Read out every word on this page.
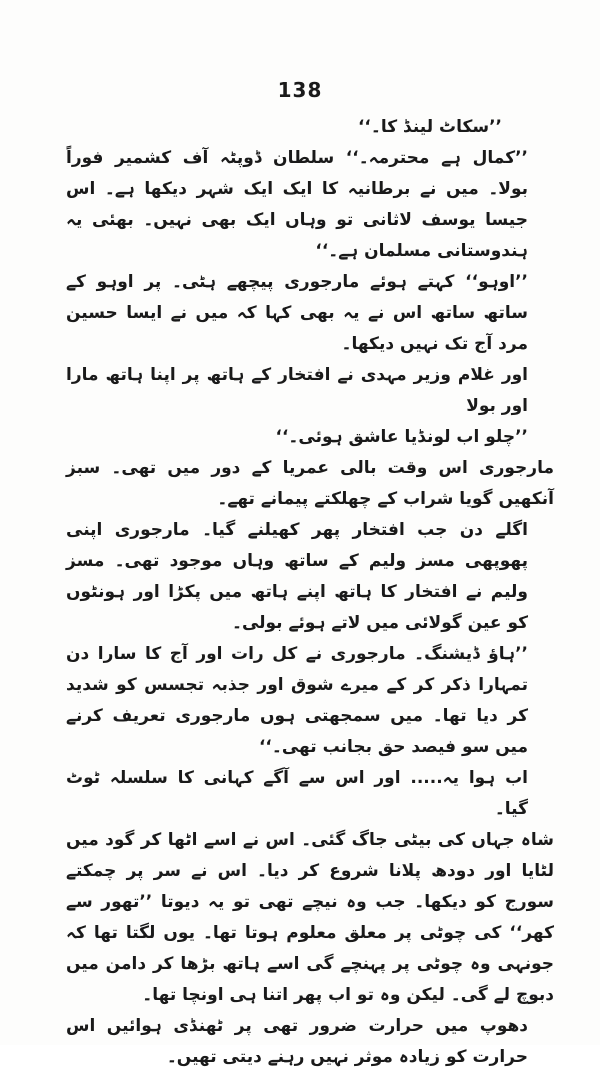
138

’’سکاٹ لینڈ کا۔‘‘

’’کمال ہے محترمہ۔‘‘ سلطان ڈوپٹہ آف کشمیر فوراً بولا۔ میں نے برطانیہ کا ایک ایک شہر دیکھا ہے۔ اس جیسا یوسف لاثانی تو وہاں ایک بھی نہیں۔ بھئی یہ ہندوستانی مسلمان ہے۔‘‘

’’اوہو‘‘ کہتے ہوئے مارجوری پیچھے ہٹی۔ پر اوہو کے ساتھ ساتھ اس نے یہ بھی کہا کہ میں نے ایسا حسین مرد آج تک نہیں دیکھا۔

اور غلام وزیر مہدی نے افتخار کے ہاتھ پر اپنا ہاتھ مارا اور بولا

’’چلو اب لونڈیا عاشق ہوئی۔‘‘

مارجوری اس وقت بالی عمریا کے دور میں تھی۔ سبز آنکھیں گویا شراب کے چھلکتے پیمانے تھے۔

اگلے دن جب افتخار پھر کھیلنے گیا۔ مارجوری اپنی پھوپھی مسز ولیم کے ساتھ وہاں موجود تھی۔ مسز ولیم نے افتخار کا ہاتھ اپنے ہاتھ میں پکڑا اور ہونٹوں کو عین گولائی میں لاتے ہوئے بولی۔

’’ہاؤ ڈیشنگ۔ مارجوری نے کل رات اور آج کا سارا دن تمہارا ذکر کر کے میرے شوق اور جذبہ تجسس کو شدید کر دیا تھا۔ میں سمجھتی ہوں مارجوری تعریف کرنے میں سو فیصد حق بجانب تھی۔‘‘

اب ہوا یہ..... اور اس سے آگے کہانی کا سلسلہ ٹوٹ گیا۔

شاہ جہاں کی بیٹی جاگ گئی۔ اس نے اسے اٹھا کر گود میں لٹایا اور دودھ پلانا شروع کر دیا۔ اس نے سر پر چمکتے سورج کو دیکھا۔ جب وہ نیچے تھی تو یہ دیوتا ’’تھور سے کھر‘‘ کی چوٹی پر معلق معلوم ہوتا تھا۔ یوں لگتا تھا کہ جونہی وہ چوٹی پر پہنچے گی اسے ہاتھ بڑھا کر دامن میں دبوچ لے گی۔ لیکن وہ تو اب پھر اتنا ہی اونچا تھا۔

دھوپ میں حرارت ضرور تھی پر ٹھنڈی ہوائیں اس حرارت کو زیادہ موثر نہیں رہنے دیتی تھیں۔
